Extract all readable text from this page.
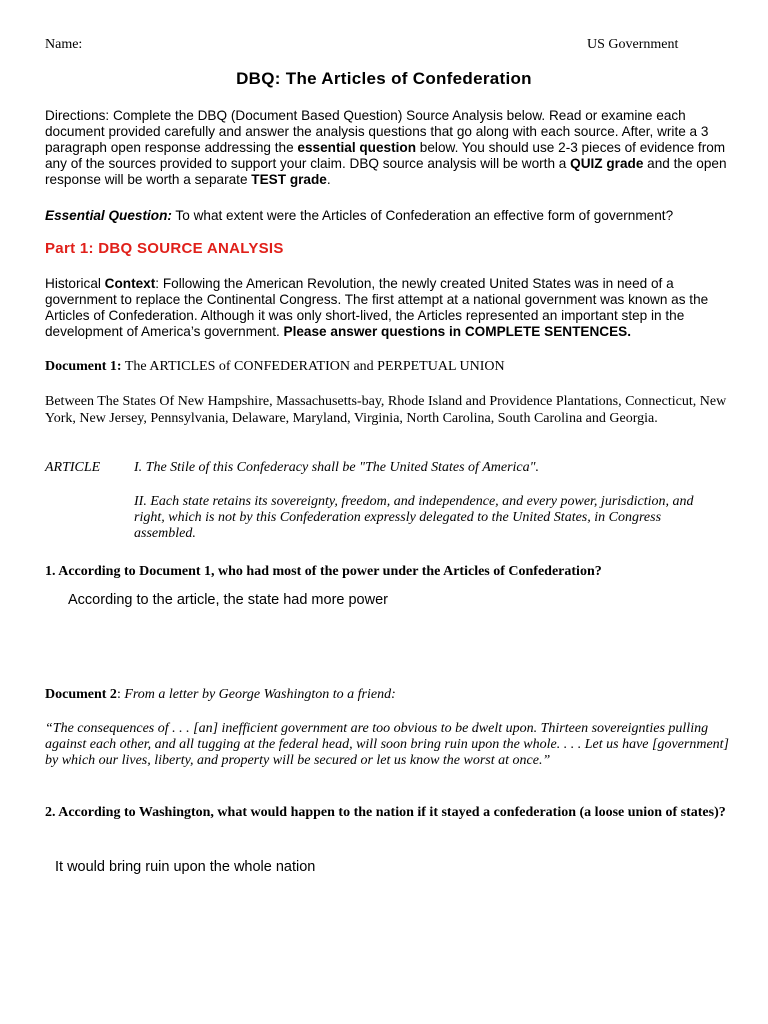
Name:	US Government
DBQ: The Articles of Confederation
Directions: Complete the DBQ (Document Based Question) Source Analysis below. Read or examine each document provided carefully and answer the analysis questions that go along with each source. After, write a 3 paragraph open response addressing the essential question below. You should use 2-3 pieces of evidence from any of the sources provided to support your claim. DBQ source analysis will be worth a QUIZ grade and the open response will be worth a separate TEST grade.
Essential Question: To what extent were the Articles of Confederation an effective form of government?
Part 1: DBQ SOURCE ANALYSIS
Historical Context: Following the American Revolution, the newly created United States was in need of a government to replace the Continental Congress. The first attempt at a national government was known as the Articles of Confederation. Although it was only short-lived, the Articles represented an important step in the development of America’s government. Please answer questions in COMPLETE SENTENCES.
Document 1: The ARTICLES of CONFEDERATION and PERPETUAL UNION
Between The States Of New Hampshire, Massachusetts-bay, Rhode Island and Providence Plantations, Connecticut, New York, New Jersey, Pennsylvania, Delaware, Maryland, Virginia, North Carolina, South Carolina and Georgia.
ARTICLE I. The Stile of this Confederacy shall be "The United States of America".
II. Each state retains its sovereignty, freedom, and independence, and every power, jurisdiction, and right, which is not by this Confederation expressly delegated to the United States, in Congress assembled.
1. According to Document 1, who had most of the power under the Articles of Confederation?
According to the article, the state had more power
Document 2: From a letter by George Washington to a friend:
“The consequences of . . . [an] inefficient government are too obvious to be dwelt upon. Thirteen sovereignties pulling against each other, and all tugging at the federal head, will soon bring ruin upon the whole. . . . Let us have [government] by which our lives, liberty, and property will be secured or let us know the worst at once.”
2. According to Washington, what would happen to the nation if it stayed a confederation (a loose union of states)?
It would bring ruin upon the whole nation
